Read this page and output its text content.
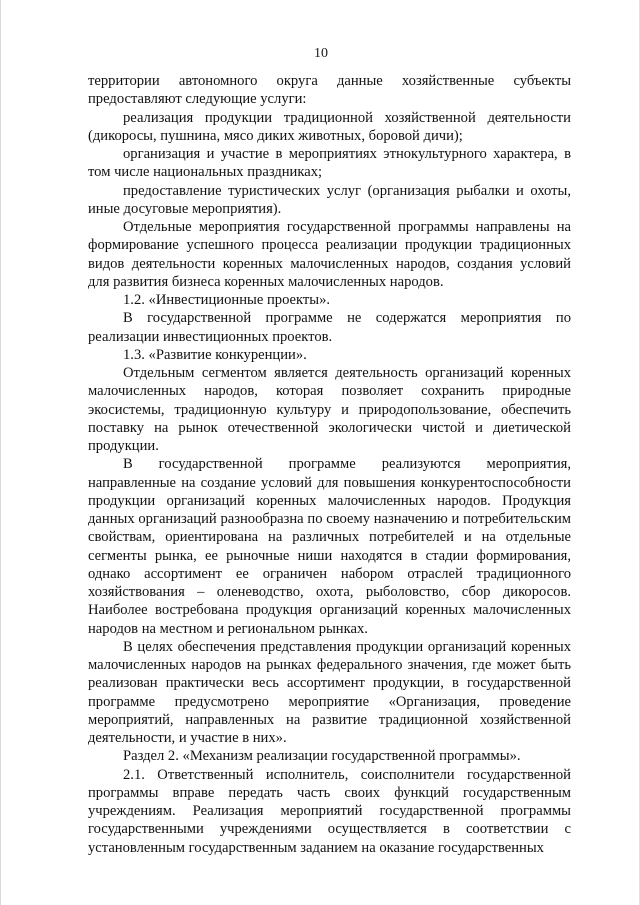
10

территории автономного округа данные хозяйственные субъекты предоставляют следующие услуги:

реализация продукции традиционной хозяйственной деятельности (дикоросы, пушнина, мясо диких животных, боровой дичи);

организация и участие в мероприятиях этнокультурного характера, в том числе национальных праздниках;

предоставление туристических услуг (организация рыбалки и охоты, иные досуговые мероприятия).

Отдельные мероприятия государственной программы направлены на формирование успешного процесса реализации продукции традиционных видов деятельности коренных малочисленных народов, создания условий для развития бизнеса коренных малочисленных народов.

1.2. «Инвестиционные проекты».

В государственной программе не содержатся мероприятия по реализации инвестиционных проектов.

1.3. «Развитие конкуренции».

Отдельным сегментом является деятельность организаций коренных малочисленных народов, которая позволяет сохранить природные экосистемы, традиционную культуру и природопользование, обеспечить поставку на рынок отечественной экологически чистой и диетической продукции.

В государственной программе реализуются мероприятия, направленные на создание условий для повышения конкурентоспособности продукции организаций коренных малочисленных народов. Продукция данных организаций разнообразна по своему назначению и потребительским свойствам, ориентирована на различных потребителей и на отдельные сегменты рынка, ее рыночные ниши находятся в стадии формирования, однако ассортимент ее ограничен набором отраслей традиционного хозяйствования – оленеводство, охота, рыболовство, сбор дикоросов. Наиболее востребована продукция организаций коренных малочисленных народов на местном и региональном рынках.

В целях обеспечения представления продукции организаций коренных малочисленных народов на рынках федерального значения, где может быть реализован практически весь ассортимент продукции, в государственной программе предусмотрено мероприятие «Организация, проведение мероприятий, направленных на развитие традиционной хозяйственной деятельности, и участие в них».

Раздел 2. «Механизм реализации государственной программы».

2.1. Ответственный исполнитель, соисполнители государственной программы вправе передать часть своих функций государственным учреждениям. Реализация мероприятий государственной программы государственными учреждениями осуществляется в соответствии с установленным государственным заданием на оказание государственных
